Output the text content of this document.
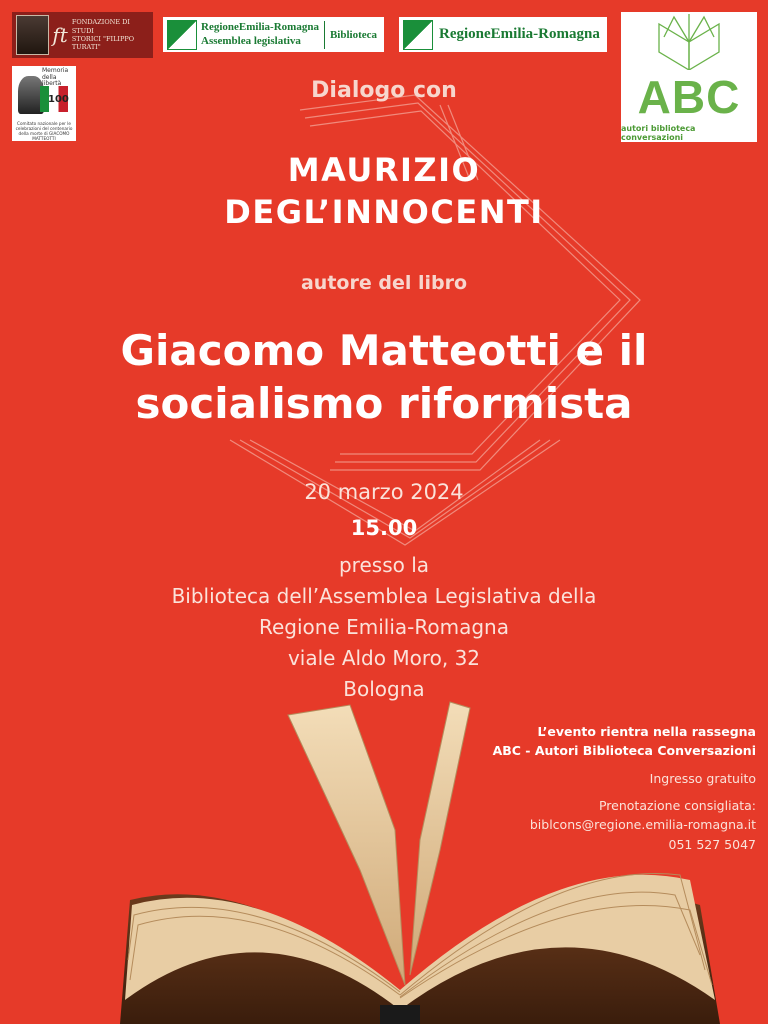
ft
FONDAZIONE DI STUDI
STORICI "FILIPPO TURATI"
RegioneEmilia-Romagna
Assemblea legislativa	Biblioteca	RegioneEmilia-Romagna
ABC
autori biblioteca conversazioni
Memoria della libertà
100
Comitato nazionale per le celebrazioni del centenario della morte di GIACOMO MATTEOTTI
Dialogo con
MAURIZIO
DEGL’INNOCENTI
autore del libro
Giacomo Matteotti e il
socialismo riformista
20 marzo 2024
15.00
presso la
Biblioteca dell’Assemblea Legislativa della
Regione Emilia-Romagna
viale Aldo Moro, 32
Bologna
L’evento rientra nella rassegna
ABC - Autori Biblioteca Conversazioni
Ingresso gratuito
Prenotazione consigliata:
biblcons@regione.emilia-romagna.it
051 527 5047
